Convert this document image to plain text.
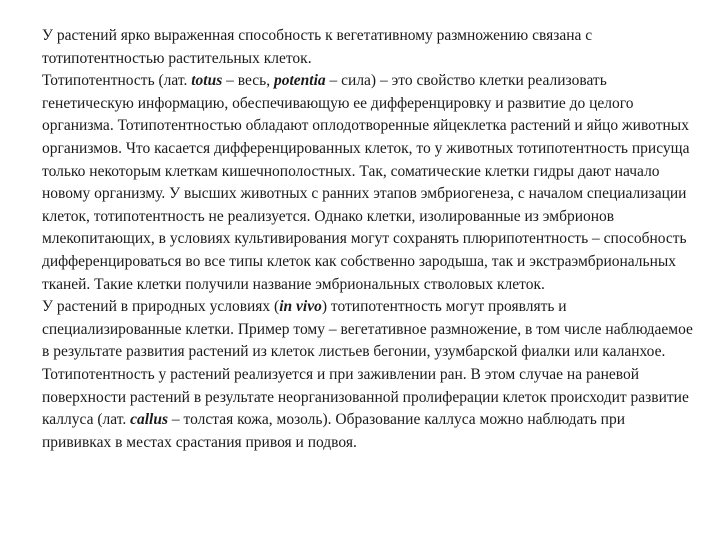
У растений ярко выраженная способность к вегетативному размножению связана с тотипотентностью растительных клеток.

Тотипотентность (лат. totus – весь, potentia – сила) – это свойство клетки реализовать генетическую информацию, обеспечивающую ее дифференцировку и развитие до целого организма. Тотипотентностью обладают оплодотворенные яйцеклетка растений и яйцо животных организмов. Что касается дифференцированных клеток, то у животных тотипотентность присуща только некоторым клеткам кишечнополостных. Так, соматические клетки гидры дают начало новому организму. У высших животных с ранних этапов эмбриогенеза, с началом специализации клеток, тотипотентность не реализуется. Однако клетки, изолированные из эмбрионов млекопитающих, в условиях культивирования могут сохранять плюрипотентность – способность дифференцироваться во все типы клеток как собственно зародыша, так и экстраэмбриональных тканей. Такие клетки получили название эмбриональных стволовых клеток.

У растений в природных условиях (in vivo) тотипотентность могут проявлять и специализированные клетки. Пример тому – вегетативное размножение, в том числе наблюдаемое в результате развития растений из клеток листьев бегонии, узумбарской фиалки или каланхое. Тотипотентность у растений реализуется и при заживлении ран. В этом случае на раневой поверхности растений в результате неорганизованной пролиферации клеток происходит развитие каллуса (лат. callus – толстая кожа, мозоль). Образование каллуса можно наблюдать при прививках в местах срастания привоя и подвоя.
